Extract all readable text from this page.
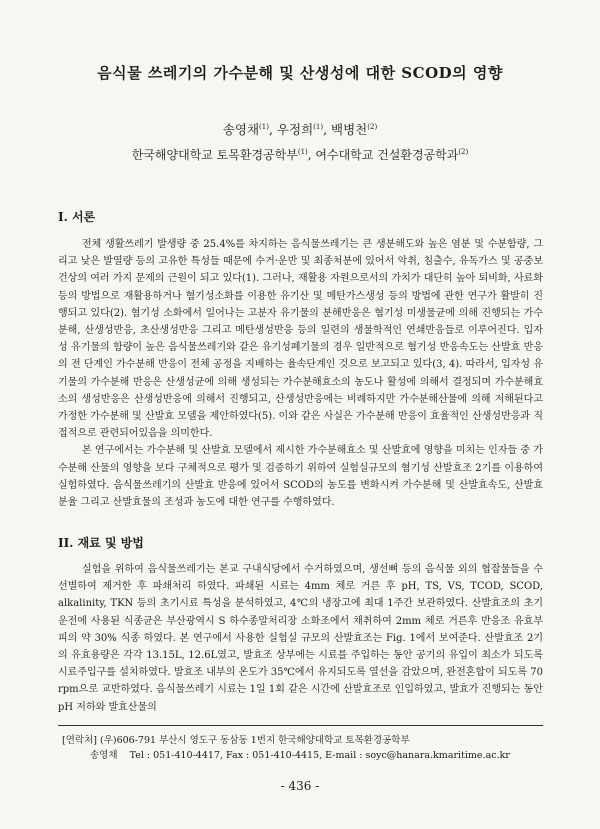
음식물 쓰레기의 가수분해 및 산생성에 대한 SCOD의 영향
송영채$^{(1)}$, 우정희$^{(1)}$, 백병천$^{(2)}$
한국해양대학교 토목환경공학부$^{(1)}$, 여수대학교 건설환경공학과$^{(2)}$
I. 서론

전체 생활쓰레기 발생량 중 25.4%를 차지하는 음식물쓰레기는 큰 생분해도와 높은 염분 및 수분함량, 그리고 낮은 발열량 등의 고유한 특성들 때문에 수거·운반 및 최종처분에 있어서 악취, 침출수, 유독가스 및 공중보건상의 여러 가지 문제의 근원이 되고 있다(1). 그러나, 재활용 자원으로서의 가치가 대단히 높아 퇴비화, 사료화 등의 방법으로 재활용하거나 혐기성소화를 이용한 유기산 및 메탄가스생성 등의 방법에 관한 연구가 활발히 진행되고 있다(2). 혐기성 소화에서 일어나는 고분자 유기물의 분해반응은 혐기성 미생물균에 의해 진행되는 가수분해, 산생성반응, 초산생성반응 그리고 메탄생성반응 등의 일련의 생물학적인 연쇄반응들로 이루어진다. 입자성 유기물의 함량이 높은 음식물쓰레기와 같은 유기성폐기물의 경우 일반적으로 혐기성 반응속도는 산발효 반응의 전 단계인 가수분해 반응이 전체 공정을 지배하는 율속단계인 것으로 보고되고 있다(3, 4). 따라서, 입자성 유기물의 가수분해 반응은 산생성균에 의해 생성되는 가수분해효소의 농도나 활성에 의해서 결정되며 가수분해효소의 생성반응은 산생성반응에 의해서 진행되고, 산생성반응에는 비례하지만 가수분해산물에 의해 저해된다고 가정한 가수분해 및 산발효 모델을 제안하였다(5). 이와 같은 사실은 가수분해 반응이 효율적인 산생성반응과 직접적으로 관련되어있음을 의미한다.

본 연구에서는 가수분해 및 산발효 모델에서 제시한 가수분해효소 및 산발효에 영향을 미치는 인자들 중 가수분해 산물의 영향을 보다 구체적으로 평가 및 검증하기 위하여 실험실규모의 혐기성 산발효조 2기를 이용하여 실험하였다. 음식물쓰레기의 산발효 반응에 있어서 SCOD의 농도를 변화시켜 가수분해 및 산발효속도, 산발효분율 그리고 산발효물의 조성과 농도에 대한 연구를 수행하였다.

II. 재료 및 방법

실험을 위하여 음식물쓰레기는 본교 구내식당에서 수거하였으며, 생선뼈 등의 음식물 외의 협잡물들을 수 선별하여 제거한 후 파쇄처리 하였다. 파쇄된 시료는 4mm 체로 거른 후 pH, TS, VS, TCOD, SCOD, alkalinity, TKN 등의 초기시료 특성을 분석하였고, 4℃의 냉장고에 최대 1주간 보관하였다. 산발효조의 초기 운전에 사용된 식종균은 부산광역시 S 하수종말처리장 소화조에서 채취하여 2mm 체로 거른후 반응조 유효부피의 약 30% 식종 하였다. 본 연구에서 사용한 실험실 규모의 산발효조는 Fig. 1에서 보여준다. 산발효조 2기의 유효용량은 각각 13.15L, 12.6L였고, 발효조 상부에는 시료를 주입하는 동안 공기의 유입이 최소가 되도록 시료주입구를 설치하였다. 발효조 내부의 온도가 35℃에서 유지되도록 열선을 감았으며, 완전혼합이 되도록 70 rpm으로 교반하였다. 음식물쓰레기 시료는 1일 1회 같은 시간에 산발효조로 인입하였고, 발효가 진행되는 동안 pH 저하와 발효산물의

[연락처] (우)606-791 부산시 영도구 동삼동 1번지 한국해양대학교 토목환경공학부
송영채 Tel : 051-410-4417, Fax : 051-410-4415, E-mail : soyc@hanara.kmaritime.ac.kr
- 436 -
